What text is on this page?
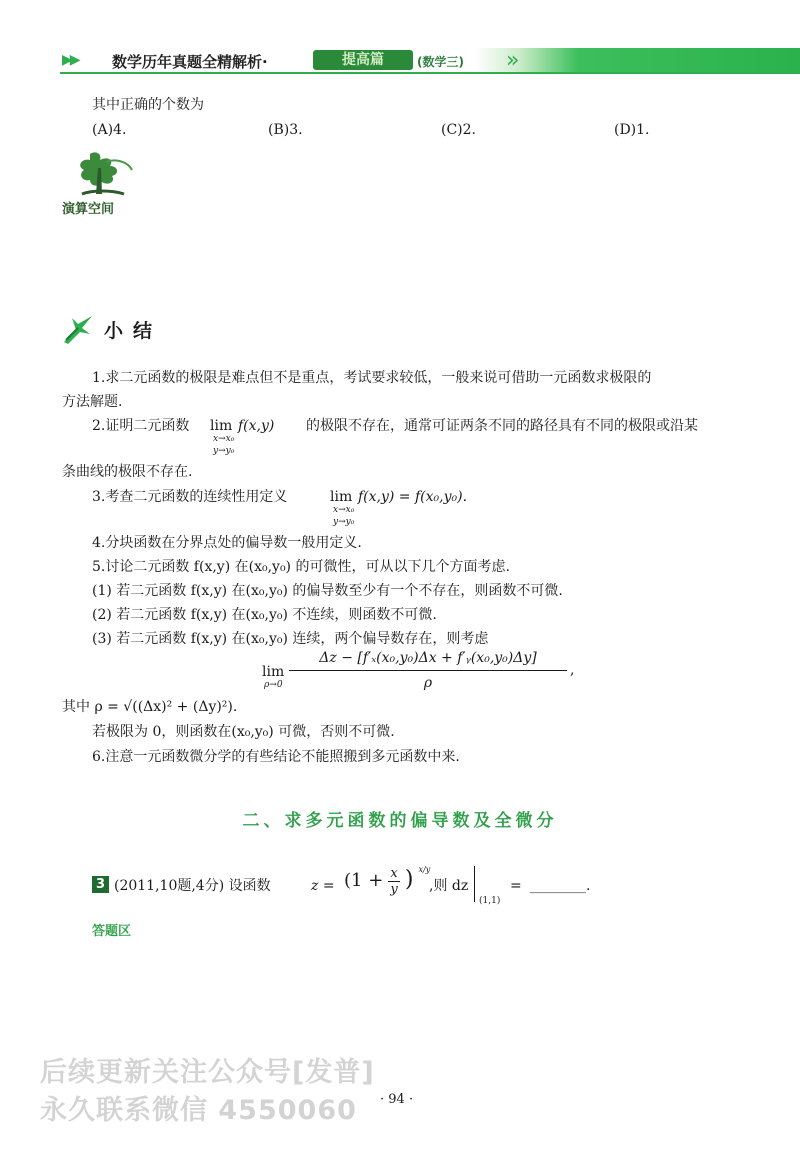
▶▶ 数学历年真题全精解析·	提高篇	(数学三) »
其中正确的个数为
(A)4.	(B)3.	(C)2.	(D)1.
演算空间
小结
1.求二元函数的极限是难点但不是重点，考试要求较低，一般来说可借助一元函数求极限的
方法解题.
2.证明二元函数 lim
x→x₀
y→y₀
f(x,y) 的极限不存在，通常可证两条不同的路径具有不同的极限或沿某
条曲线的极限不存在.
3.考查二元函数的连续性用定义	lim
x→x₀
y→y₀
f(x,y) = f(x₀,y₀).
4.分块函数在分界点处的偏导数一般用定义.
5.讨论二元函数 f(x,y) 在(x₀,y₀) 的可微性，可从以下几个方面考虑.
(1) 若二元函数 f(x,y) 在(x₀,y₀) 的偏导数至少有一个不存在，则函数不可微.
(2) 若二元函数 f(x,y) 在(x₀,y₀) 不连续，则函数不可微.
(3) 若二元函数 f(x,y) 在(x₀,y₀) 连续，两个偏导数存在，则考虑
lim
ρ→0
Δz − [f′ₓ(x₀,y₀)Δx + f′ᵧ(x₀,y₀)Δy]
ρ
,
其中 ρ = √((Δx)² + (Δy)²).
若极限为 0，则函数在(x₀,y₀) 可微，否则不可微.
6.注意一元函数微分学的有些结论不能照搬到多元函数中来.
二、求多元函数的偏导数及全微分
3 (2011,10题,4分) 设函数	$z = (1 + \frac{x}{y}$ ) $^{x/y}$
,则 dz
(1,1)
= ________.
答题区
后续更新关注公众号[发普]
永久联系微信 4550060 · 94 ·
